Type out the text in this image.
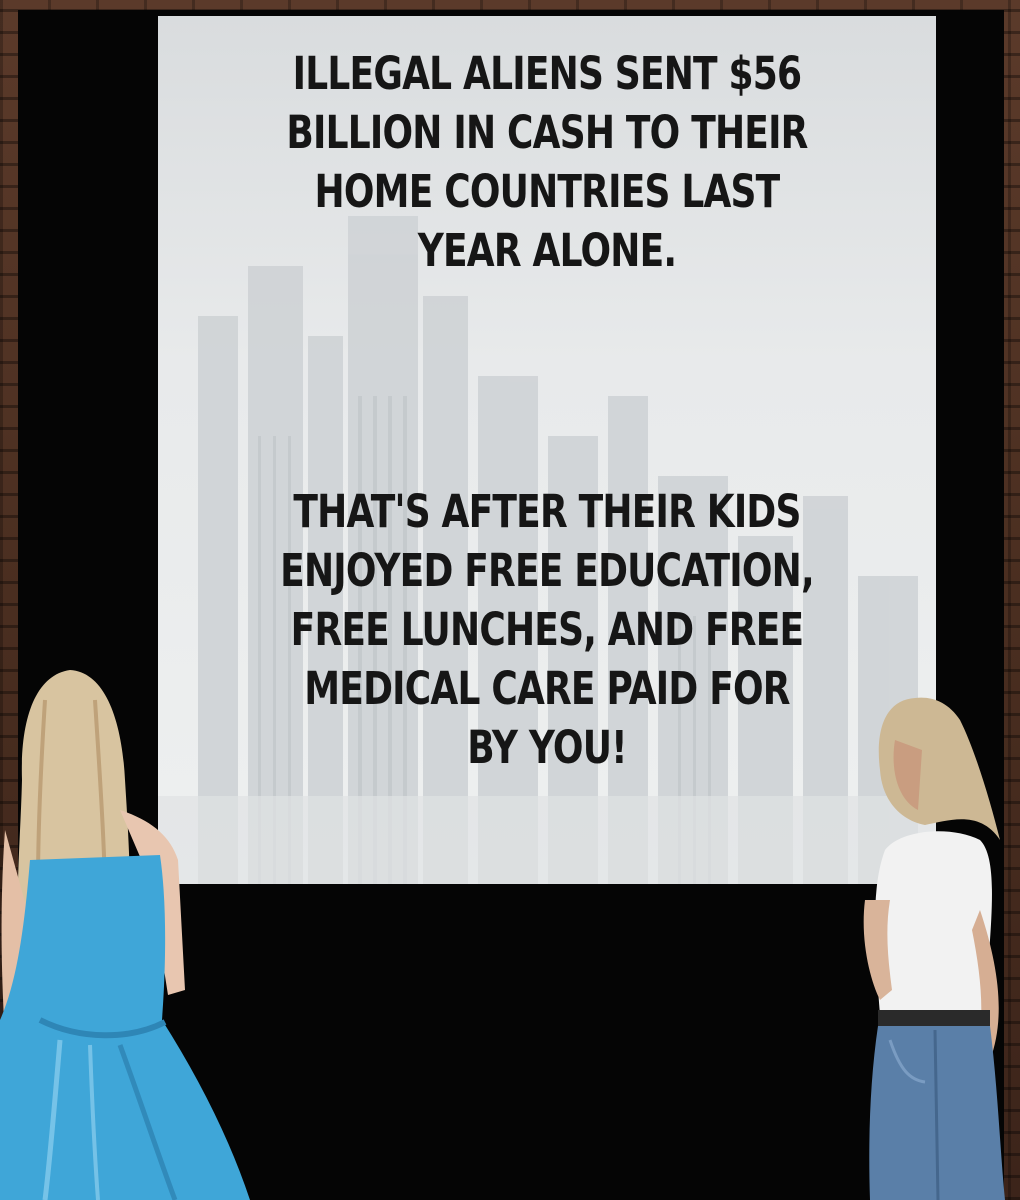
ILLEGAL ALIENS SENT $56
BILLION IN CASH TO THEIR
HOME COUNTRIES LAST
YEAR ALONE.

THAT'S AFTER THEIR KIDS
ENJOYED FREE EDUCATION,
FREE LUNCHES, AND FREE
MEDICAL CARE PAID FOR
BY YOU!
